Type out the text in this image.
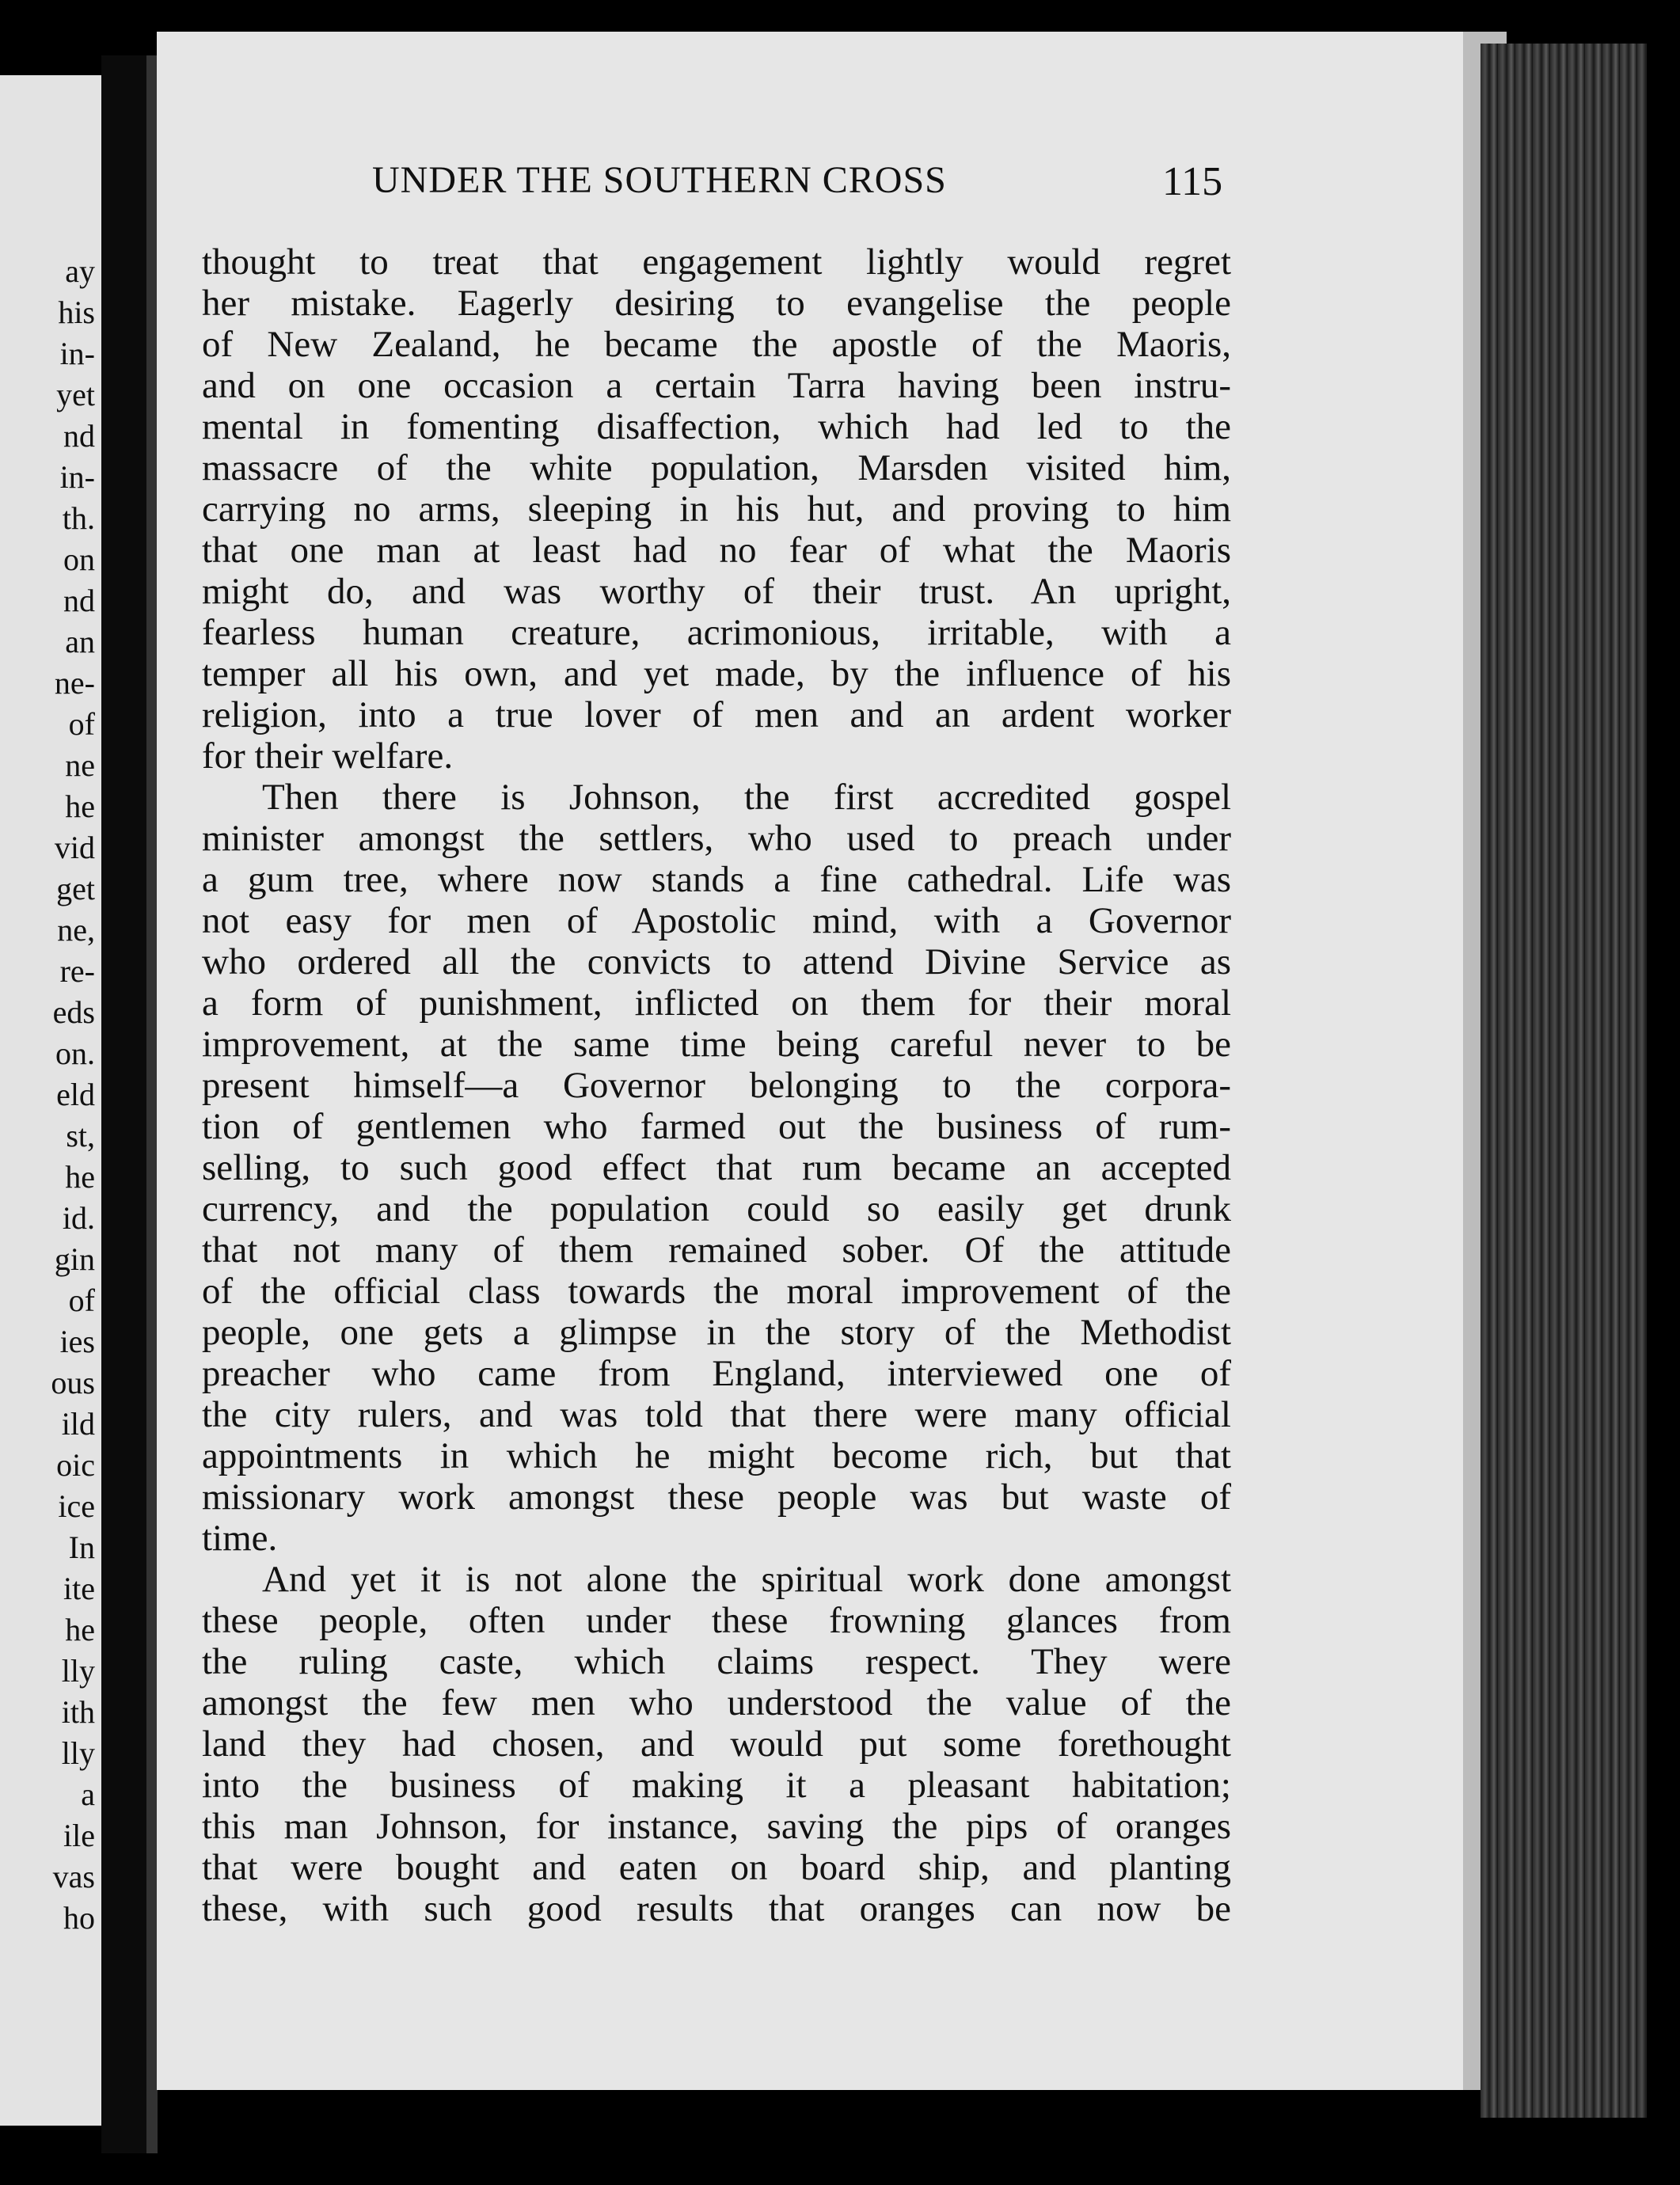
ay
his
in-
yet
nd
in-
th.
on
nd
an
ne-
of
ne
he
vid
get
ne,
re-
eds
on.
eld
st,
he
id.
gin
of
ies
ous
ild
oic
ice
In
ite
he
lly
ith
lly
a
ile
vas
ho
UNDER THE SOUTHERN CROSS	115
thought to treat that engagement lightly would regret
her mistake. Eagerly desiring to evangelise the people
of New Zealand, he became the apostle of the Maoris,
and on one occasion a certain Tarra having been instru-
mental in fomenting disaffection, which had led to the
massacre of the white population, Marsden visited him,
carrying no arms, sleeping in his hut, and proving to him
that one man at least had no fear of what the Maoris
might do, and was worthy of their trust. An upright,
fearless human creature, acrimonious, irritable, with a
temper all his own, and yet made, by the influence of his
religion, into a true lover of men and an ardent worker
for their welfare.
Then there is Johnson, the first accredited gospel
minister amongst the settlers, who used to preach under
a gum tree, where now stands a fine cathedral. Life was
not easy for men of Apostolic mind, with a Governor
who ordered all the convicts to attend Divine Service as
a form of punishment, inflicted on them for their moral
improvement, at the same time being careful never to be
present himself—a Governor belonging to the corpora-
tion of gentlemen who farmed out the business of rum-
selling, to such good effect that rum became an accepted
currency, and the population could so easily get drunk
that not many of them remained sober. Of the attitude
of the official class towards the moral improvement of the
people, one gets a glimpse in the story of the Methodist
preacher who came from England, interviewed one of
the city rulers, and was told that there were many official
appointments in which he might become rich, but that
missionary work amongst these people was but waste of
time.
And yet it is not alone the spiritual work done amongst
these people, often under these frowning glances from
the ruling caste, which claims respect. They were
amongst the few men who understood the value of the
land they had chosen, and would put some forethought
into the business of making it a pleasant habitation;
this man Johnson, for instance, saving the pips of oranges
that were bought and eaten on board ship, and planting
these, with such good results that oranges can now be
